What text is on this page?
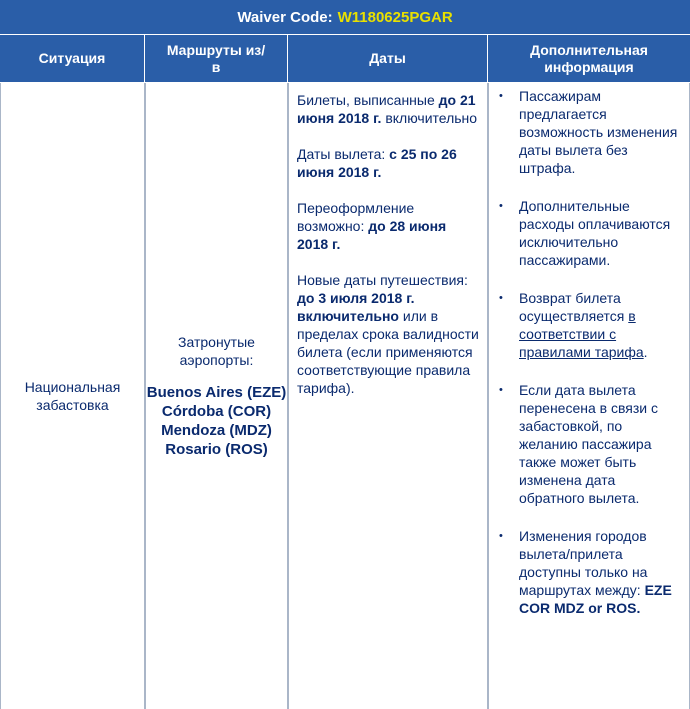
Waiver Code: W1180625PGAR
Ситуация
Маршруты из/в
Даты
Дополнительная информация
Национальная забастовка
Затронутые аэропорты:
Buenos Aires (EZE)
Córdoba (COR)
Mendoza (MDZ)
Rosario (ROS)

Билеты, выписанные до 21 июня 2018 г. включительно

Даты вылета: с 25 по 26 июня 2018 г.

Переоформление возможно: до 28 июня 2018 г.

Новые даты путешествия: до 3 июля 2018 г. включительно или в пределах срока валидности билета (если применяются соответствующие правила тарифа).

• Пассажирам предлагается возможность изменения даты вылета без штрафа.
• Дополнительные расходы оплачиваются исключительно пассажирами.
• Возврат билета осуществляется в соответствии с правилами тарифа.
• Если дата вылета перенесена в связи с забастовкой, по желанию пассажира также может быть изменена дата обратного вылета.
• Изменения городов вылета/прилета доступны только на маршрутах между: EZE COR MDZ or ROS.
